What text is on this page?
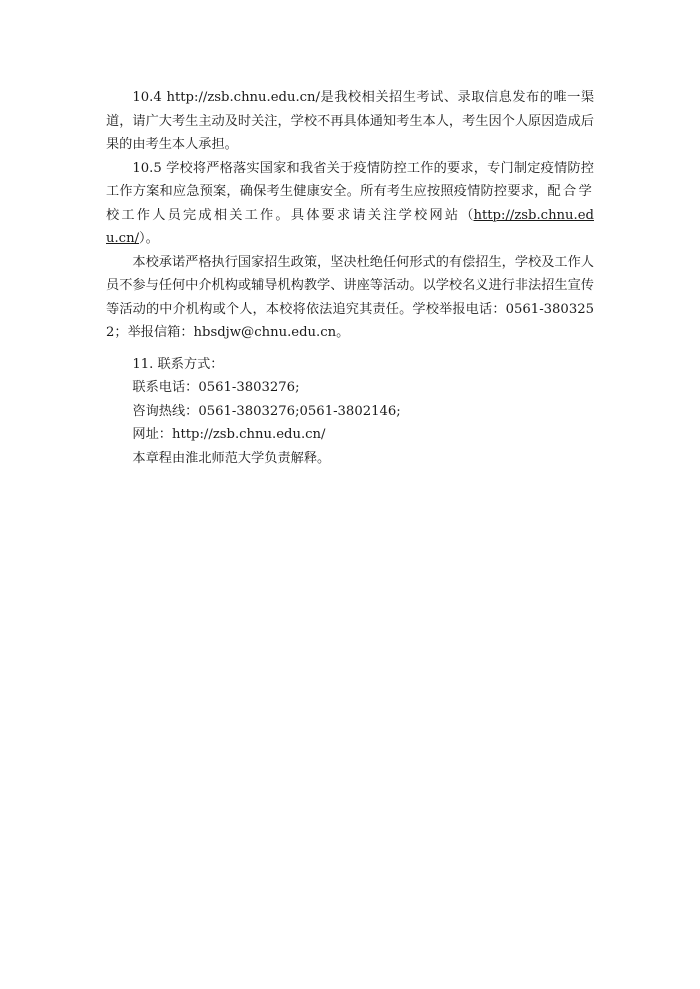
10.4 http://zsb.chnu.edu.cn/是我校相关招生考试、录取信息发布的唯一渠道，请广大考生主动及时关注，学校不再具体通知考生本人，考生因个人原因造成后果的由考生本人承担。

10.5 学校将严格落实国家和我省关于疫情防控工作的要求，专门制定疫情防控工作方案和应急预案，确保考生健康安全。所有考生应按照疫情防控要求，配合学校工作人员完成相关工作。具体要求请关注学校网站（http://zsb.chnu.edu.cn/）。

本校承诺严格执行国家招生政策，坚决杜绝任何形式的有偿招生，学校及工作人员不参与任何中介机构或辅导机构教学、讲座等活动。以学校名义进行非法招生宣传等活动的中介机构或个人，本校将依法追究其责任。学校举报电话：0561-3803252；举报信箱：hbsdjw@chnu.edu.cn。

11. 联系方式：

联系电话：0561-3803276;

咨询热线：0561-3803276;0561-3802146;

网址：http://zsb.chnu.edu.cn/

本章程由淮北师范大学负责解释。
